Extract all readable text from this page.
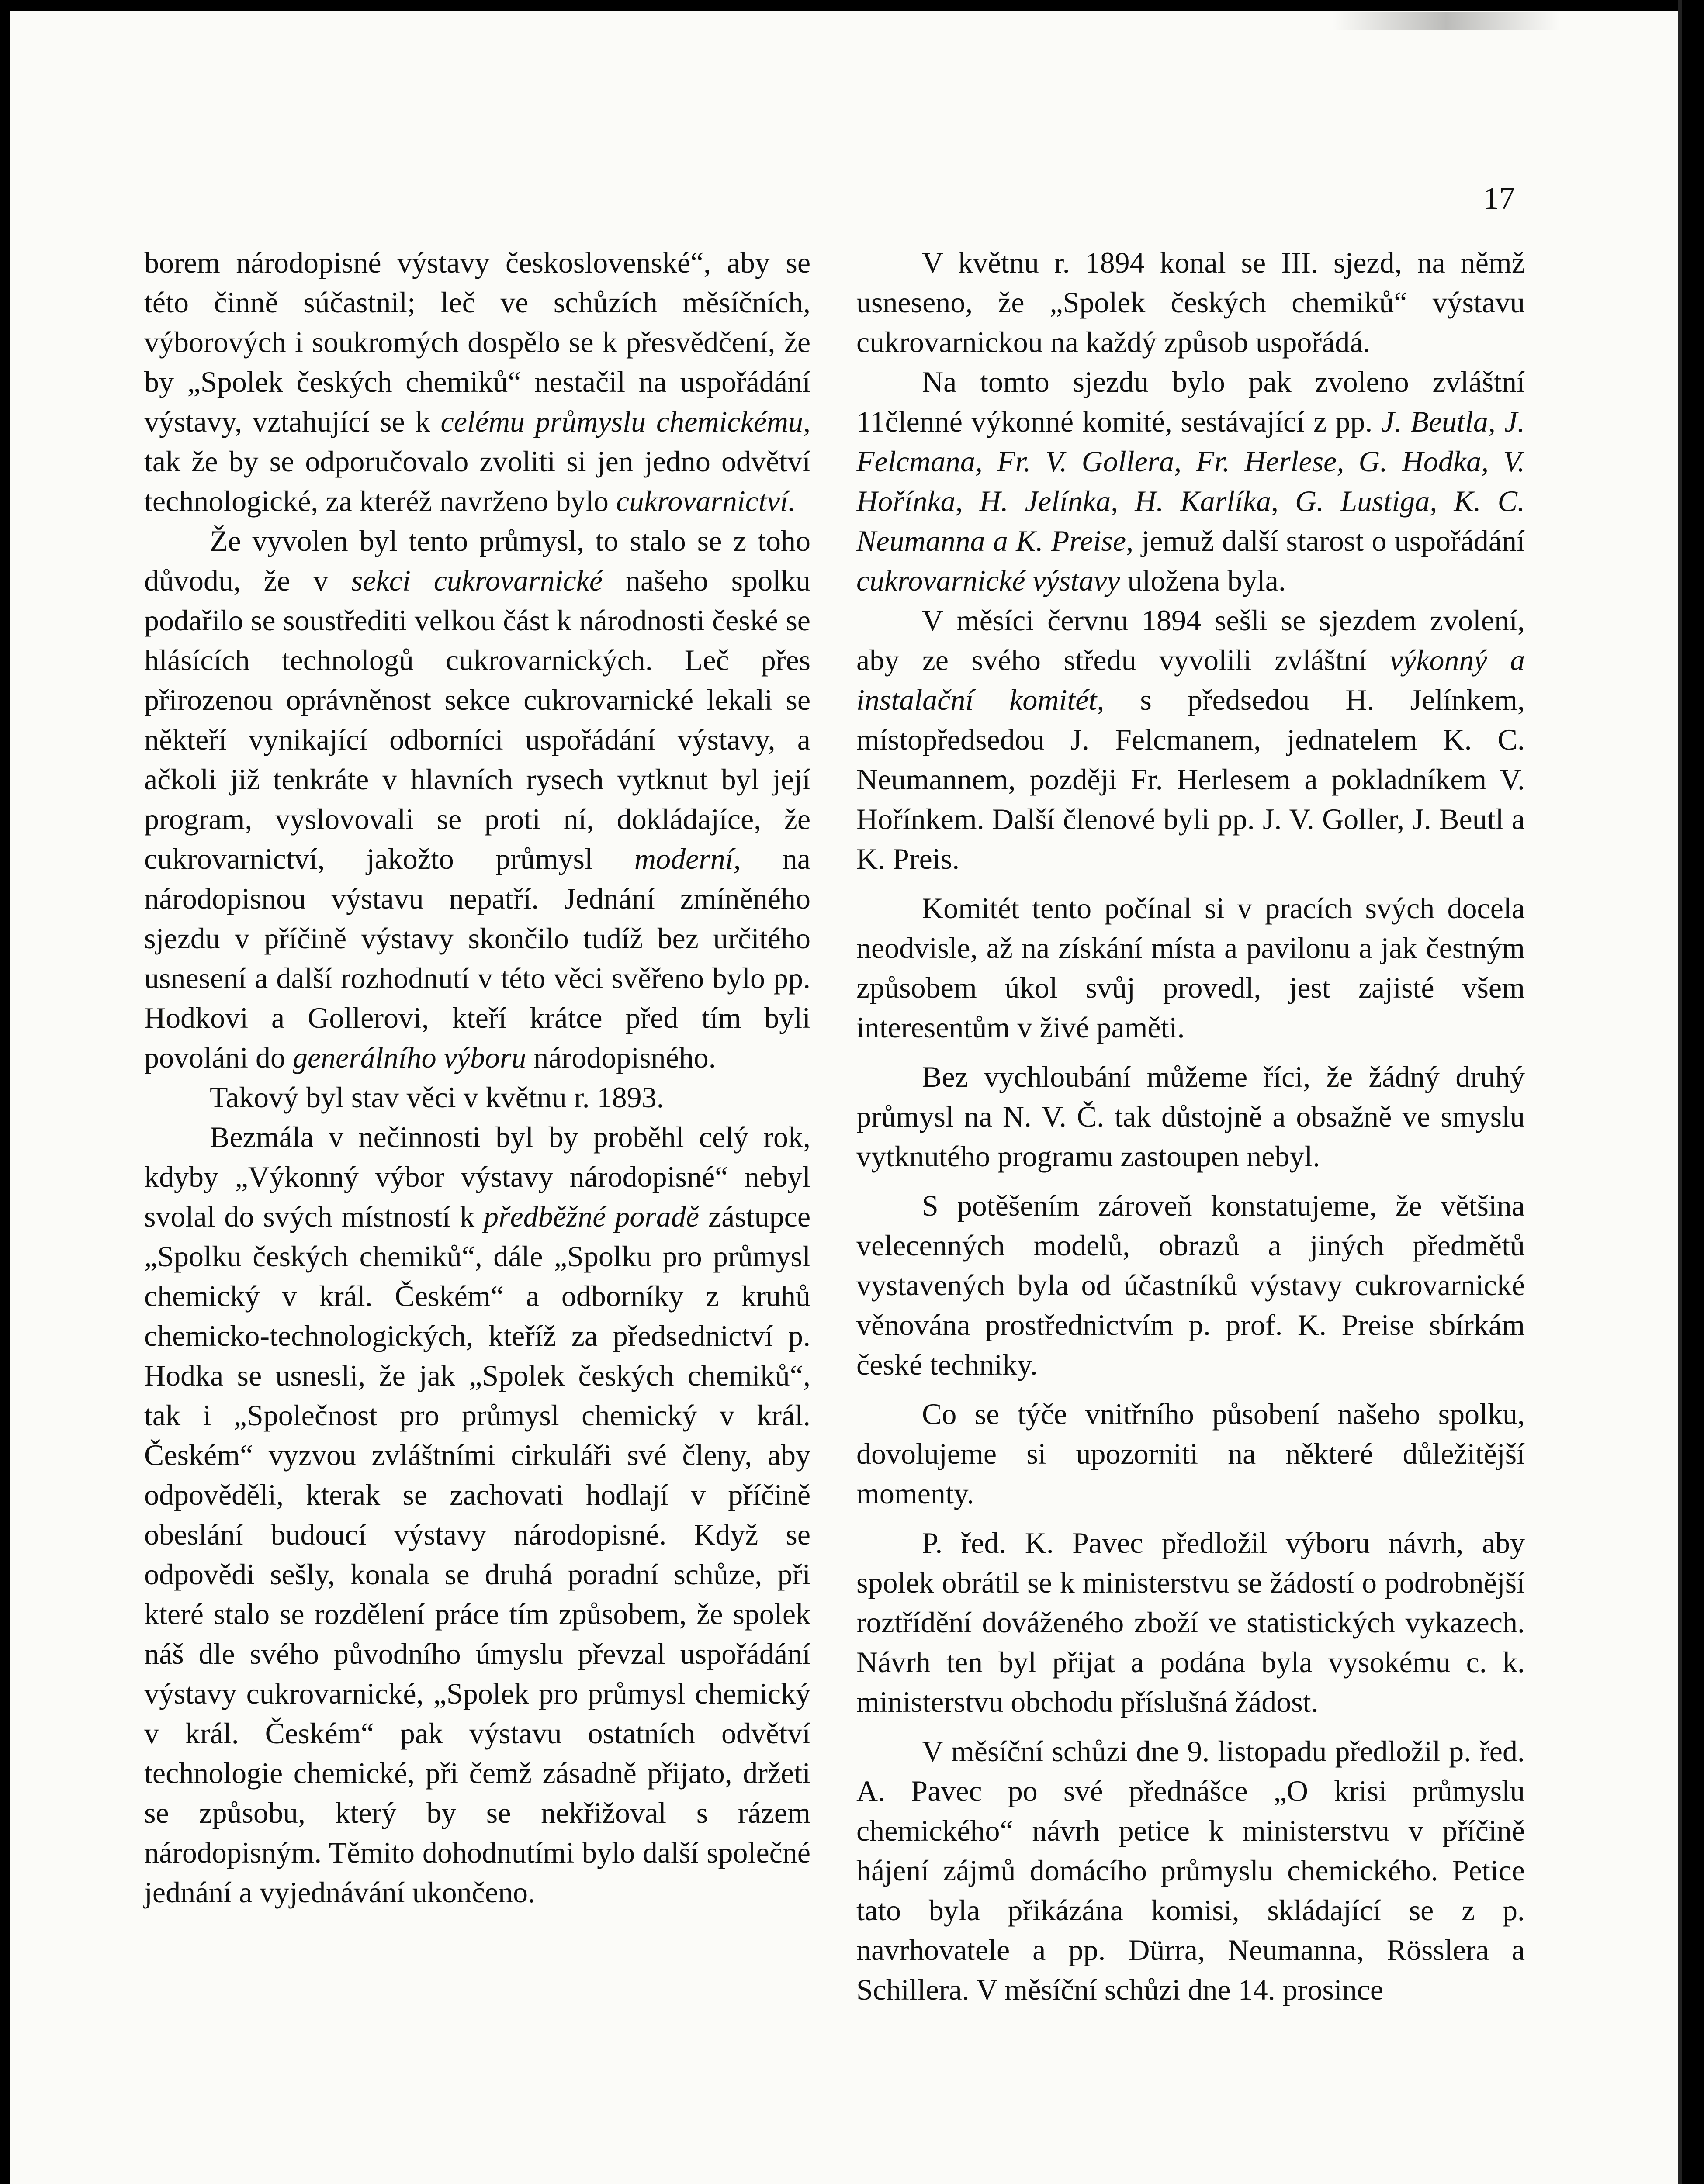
17

borem národopisné výstavy československé“, aby se této činně súčastnil; leč ve schůzích měsíčních, výborových i soukromých dospělo se k přesvědčení, že by „Spolek českých chemiků“ nestačil na uspořádání výstavy, vztahující se k celému průmyslu chemickému, tak že by se odporučovalo zvoliti si jen jedno odvětví technologické, za kteréž navrženo bylo cukrovarnictví.

Že vyvolen byl tento průmysl, to stalo se z toho důvodu, že v sekci cukrovarnické našeho spolku podařilo se soustřediti velkou část k národnosti české se hlásících technologů cukrovarnických. Leč přes přirozenou oprávněnost sekce cukrovarnické lekali se někteří vynikající odborníci uspořádání výstavy, a ačkoli již tenkráte v hlavních rysech vytknut byl její program, vyslovovali se proti ní, dokládajíce, že cukrovarnictví, jakožto průmysl moderní, na národopisnou výstavu nepatří. Jednání zmíněného sjezdu v příčině výstavy skončilo tudíž bez určitého usnesení a další rozhodnutí v této věci svěřeno bylo pp. Hodkovi a Gollerovi, kteří krátce před tím byli povoláni do generálního výboru národopisného.

Takový byl stav věci v květnu r. 1893.

Bezmála v nečinnosti byl by proběhl celý rok, kdyby „Výkonný výbor výstavy národopisné“ nebyl svolal do svých místností k předběžné poradě zástupce „Spolku českých chemiků“, dále „Spolku pro průmysl chemický v král. Českém“ a odborníky z kruhů chemicko-technologických, kteříž za předsednictví p. Hodka se usnesli, že jak „Spolek českých chemiků“, tak i „Společnost pro průmysl chemický v král. Českém“ vyzvou zvláštními cirkuláři své členy, aby odpověděli, kterak se zachovati hodlají v příčině obeslání budoucí výstavy národopisné. Když se odpovědi sešly, konala se druhá poradní schůze, při které stalo se rozdělení práce tím způsobem, že spolek náš dle svého původního úmyslu převzal uspořádání výstavy cukrovarnické, „Spolek pro průmysl chemický v král. Českém“ pak výstavu ostatních odvětví technologie chemické, při čemž zásadně přijato, držeti se způsobu, který by se nekřižoval s rázem národopisným. Těmito dohodnutími bylo další společné jednání a vyjednávání ukončeno.

V květnu r. 1894 konal se III. sjezd, na němž usneseno, že „Spolek českých chemiků“ výstavu cukrovarnickou na každý způsob uspořádá.

Na tomto sjezdu bylo pak zvoleno zvláštní 11členné výkonné komité, sestávající z pp. J. Beutla, J. Felcmana, Fr. V. Gollera, Fr. Herlese, G. Hodka, V. Hořínka, H. Jelínka, H. Karlíka, G. Lustiga, K. C. Neumanna a K. Preise, jemuž další starost o uspořádání cukrovarnické výstavy uložena byla.

V měsíci červnu 1894 sešli se sjezdem zvolení, aby ze svého středu vyvolili zvláštní výkonný a instalační komitét, s předsedou H. Jelínkem, místopředsedou J. Felcmanem, jednatelem K. C. Neumannem, později Fr. Herlesem a pokladníkem V. Hořínkem. Další členové byli pp. J. V. Goller, J. Beutl a K. Preis.

Komitét tento počínal si v pracích svých docela neodvisle, až na získání místa a pavilonu a jak čestným způsobem úkol svůj provedl, jest zajisté všem interesentům v živé paměti.

Bez vychloubání můžeme říci, že žádný druhý průmysl na N. V. Č. tak důstojně a obsažně ve smyslu vytknutého programu zastoupen nebyl.

S potěšením zároveň konstatujeme, že většina velecenných modelů, obrazů a jiných předmětů vystavených byla od účastníků výstavy cukrovarnické věnována prostřednictvím p. prof. K. Preise sbírkám české techniky.

Co se týče vnitřního působení našeho spolku, dovolujeme si upozorniti na některé důležitější momenty.

P. řed. K. Pavec předložil výboru návrh, aby spolek obrátil se k ministerstvu se žádostí o podrobnější roztřídění dováženého zboží ve statistických vykazech. Návrh ten byl přijat a podána byla vysokému c. k. ministerstvu obchodu příslušná žádost.

V měsíční schůzi dne 9. listopadu předložil p. řed. A. Pavec po své přednášce „O krisi průmyslu chemického“ návrh petice k ministerstvu v příčině hájení zájmů domácího průmyslu chemického. Petice tato byla přikázána komisi, skládající se z p. navrhovatele a pp. Dürra, Neumanna, Rösslera a Schillera. V měsíční schůzi dne 14. prosince
